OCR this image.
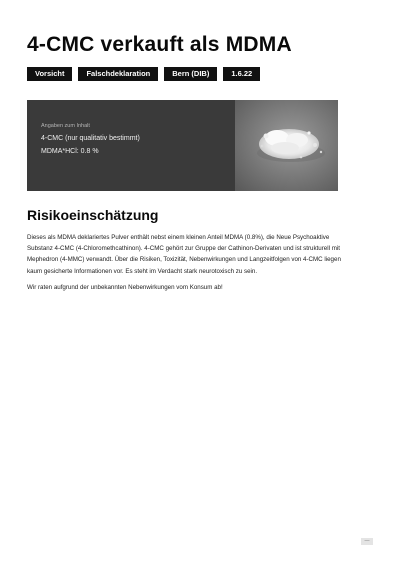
4-CMC verkauft als MDMA
Vorsicht	Falschdeklaration	Bern (DIB)	1.6.22
Angaben zum Inhalt
4-CMC (nur qualitativ bestimmt)
MDMA*HCl: 0.8 %
Risikoeinschätzung

Dieses als MDMA deklariertes Pulver enthält nebst einem kleinen Anteil MDMA (0.8%), die Neue Psychoaktive Substanz 4-CMC (4-Chloromethcathinon). 4-CMC gehört zur Gruppe der Cathinon-Derivaten und ist strukturell mit Mephedron (4-MMC) verwandt. Über die Risiken, Toxizität, Nebenwirkungen und Langzeitfolgen von 4-CMC liegen kaum gesicherte Informationen vor. Es steht im Verdacht stark neurotoxisch zu sein.

Wir raten aufgrund der unbekannten Nebenwirkungen vom Konsum ab!

—
